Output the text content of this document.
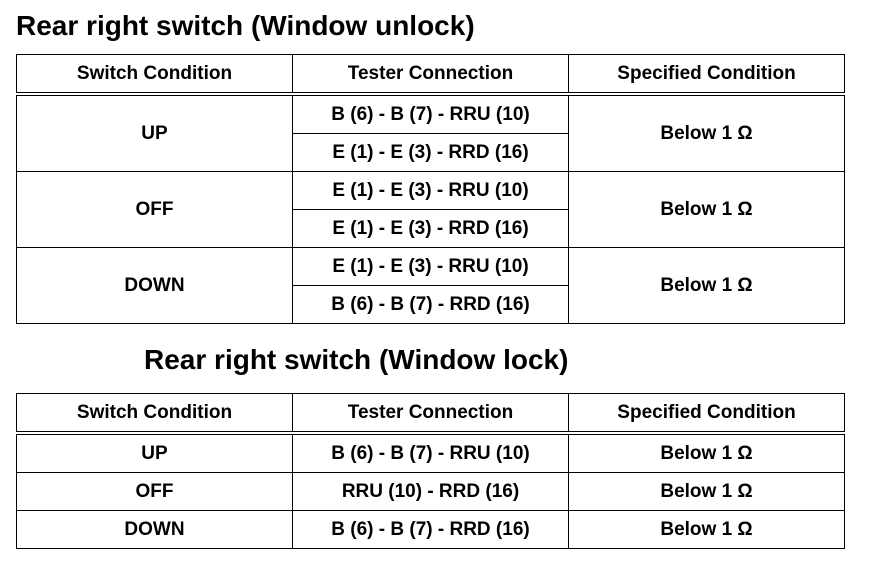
Rear right switch (Window unlock)
Switch Condition	Tester Connection	Specified Condition
UP	B (6) - B (7) - RRU (10)	Below 1 Ω
	E (1) - E (3) - RRD (16)	
OFF	E (1) - E (3) - RRU (10)	Below 1 Ω
	E (1) - E (3) - RRD (16)	
DOWN	E (1) - E (3) - RRU (10)	Below 1 Ω
	B (6) - B (7) - RRD (16)	
Rear right switch (Window lock)
Switch Condition	Tester Connection	Specified Condition
UP	B (6) - B (7) - RRU (10)	Below 1 Ω
OFF	RRU (10) - RRD (16)	Below 1 Ω
DOWN	B (6) - B (7) - RRD (16)	Below 1 Ω
